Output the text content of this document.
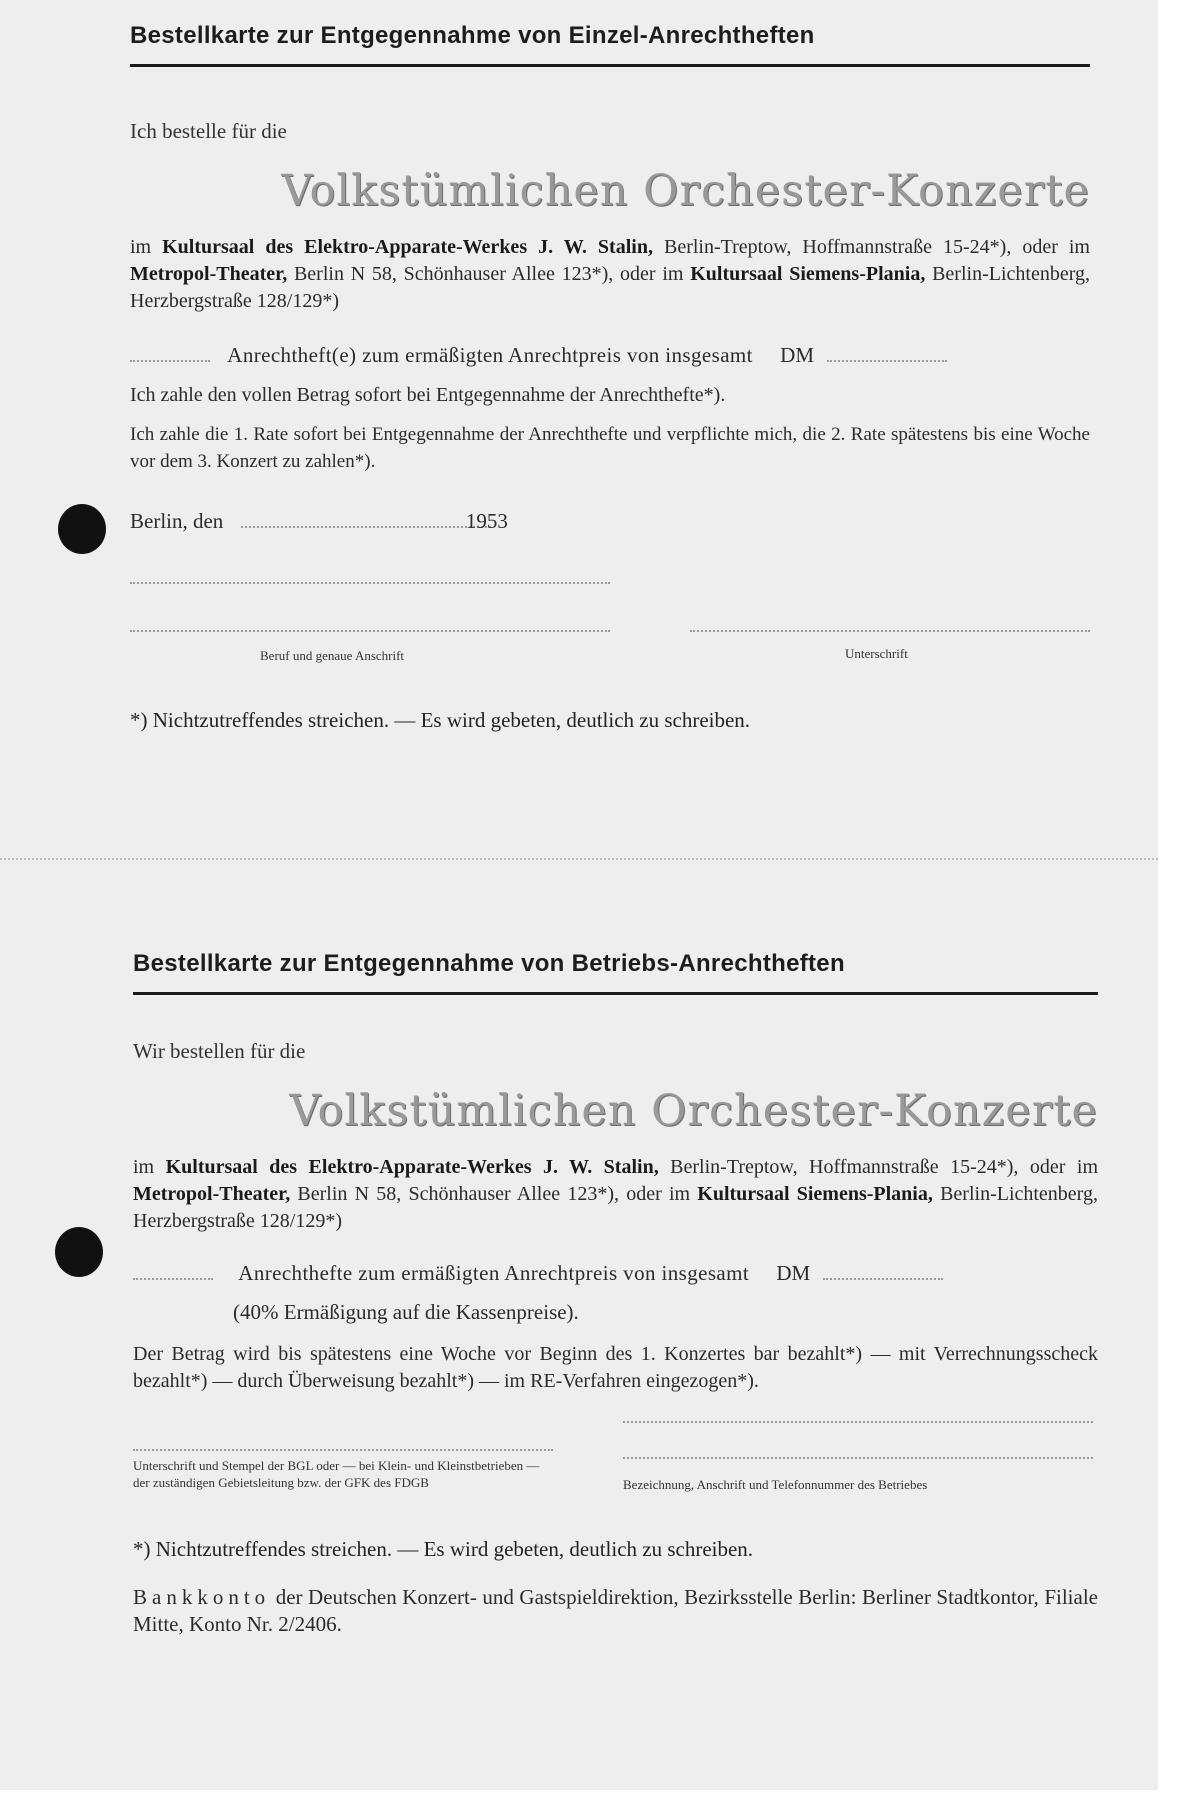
Bestellkarte zur Entgegennahme von Einzel-Anrechtheften
Ich bestelle für die
Volkstümlichen Orchester-Konzerte

im Kultursaal des Elektro-Apparate-Werkes J. W. Stalin, Berlin-Treptow, Hoffmannstraße 15-24*), oder im Metropol-Theater, Berlin N 58, Schönhauser Allee 123*), oder im Kultursaal Siemens-Plania, Berlin-Lichtenberg, Herzbergstraße 128/129*)

Anrechtheft(e) zum ermäßigten Anrechtpreis von insgesamt DM

Ich zahle den vollen Betrag sofort bei Entgegennahme der Anrechthefte*).

Ich zahle die 1. Rate sofort bei Entgegennahme der Anrechthefte und verpflichte mich, die 2. Rate spätestens bis eine Woche vor dem 3. Konzert zu zahlen*).

Berlin, den	1953
Beruf und genaue Anschrift	Unterschrift
*) Nichtzutreffendes streichen. — Es wird gebeten, deutlich zu schreiben.
Bestellkarte zur Entgegennahme von Betriebs-Anrechtheften
Wir bestellen für die
Volkstümlichen Orchester-Konzerte

im Kultursaal des Elektro-Apparate-Werkes J. W. Stalin, Berlin-Treptow, Hoffmannstraße 15-24*), oder im Metropol-Theater, Berlin N 58, Schönhauser Allee 123*), oder im Kultursaal Siemens-Plania, Berlin-Lichtenberg, Herzbergstraße 128/129*)

Anrechthefte zum ermäßigten Anrechtpreis von insgesamt DM
(40% Ermäßigung auf die Kassenpreise).

Der Betrag wird bis spätestens eine Woche vor Beginn des 1. Konzertes bar bezahlt*) — mit Verrechnungsscheck bezahlt*) — durch Überweisung bezahlt*) — im RE-Verfahren eingezogen*).

Unterschrift und Stempel der BGL oder — bei Klein- und Kleinstbetrieben — der zuständigen Gebietsleitung bzw. der GFK des FDGB	Bezeichnung, Anschrift und Telefonnummer des Betriebes
*) Nichtzutreffendes streichen. — Es wird gebeten, deutlich zu schreiben.

Bankkonto der Deutschen Konzert- und Gastspieldirektion, Bezirksstelle Berlin: Berliner Stadtkontor, Filiale Mitte, Konto Nr. 2/2406.
